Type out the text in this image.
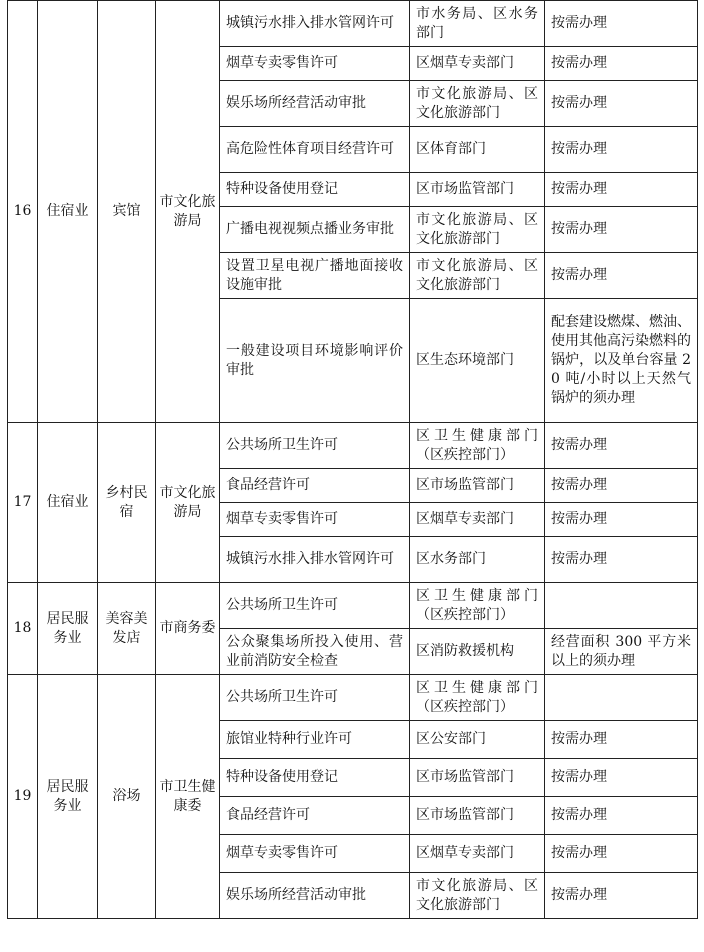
16	住宿业	宾馆	市文化旅游局	城镇污水排入排水管网许可	市水务局、区水务部门	按需办理
				烟草专卖零售许可	区烟草专卖部门	按需办理
				娱乐场所经营活动审批	市文化旅游局、区文化旅游部门	按需办理
				高危险性体育项目经营许可	区体育部门	按需办理
				特种设备使用登记	区市场监管部门	按需办理
				广播电视视频点播业务审批	市文化旅游局、区文化旅游部门	按需办理
				设置卫星电视广播地面接收设施审批	市文化旅游局、区文化旅游部门	按需办理
				一般建设项目环境影响评价审批	区生态环境部门	配套建设燃煤、燃油、使用其他高污染燃料的锅炉，以及单台容量 20 吨/小时以上天然气锅炉的须办理
17	住宿业	乡村民宿	市文化旅游局	公共场所卫生许可	区卫生健康部门（区疾控部门）	按需办理
				食品经营许可	区市场监管部门	按需办理
				烟草专卖零售许可	区烟草专卖部门	按需办理
				城镇污水排入排水管网许可	区水务部门	按需办理
18	居民服务业	美容美发店	市商务委	公共场所卫生许可	区卫生健康部门（区疾控部门）	
				公众聚集场所投入使用、营业前消防安全检查	区消防救援机构	经营面积 300 平方米以上的须办理
19	居民服务业	浴场	市卫生健康委	公共场所卫生许可	区卫生健康部门（区疾控部门）	
				旅馆业特种行业许可	区公安部门	按需办理
				特种设备使用登记	区市场监管部门	按需办理
				食品经营许可	区市场监管部门	按需办理
				烟草专卖零售许可	区烟草专卖部门	按需办理
				娱乐场所经营活动审批	市文化旅游局、区文化旅游部门	按需办理
